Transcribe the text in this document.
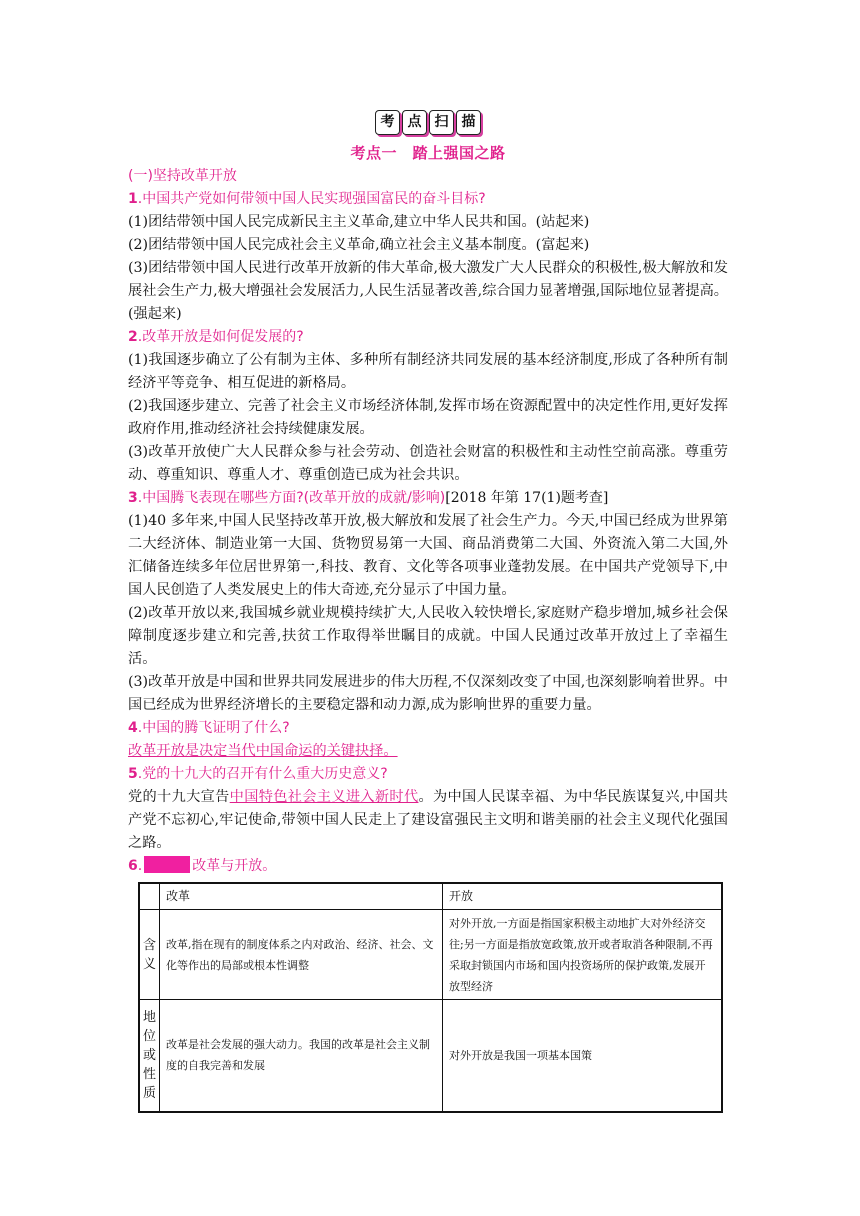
考 点 扫 描
考点一　踏上强国之路
(一)坚持改革开放
1.中国共产党如何带领中国人民实现强国富民的奋斗目标?

(1)团结带领中国人民完成新民主主义革命,建立中华人民共和国。(站起来)

(2)团结带领中国人民完成社会主义革命,确立社会主义基本制度。(富起来)

(3)团结带领中国人民进行改革开放新的伟大革命,极大激发广大人民群众的积极性,极大解放和发展社会生产力,极大增强社会发展活力,人民生活显著改善,综合国力显著增强,国际地位显著提高。(强起来)

2.改革开放是如何促发展的?

(1)我国逐步确立了公有制为主体、多种所有制经济共同发展的基本经济制度,形成了各种所有制经济平等竞争、相互促进的新格局。

(2)我国逐步建立、完善了社会主义市场经济体制,发挥市场在资源配置中的决定性作用,更好发挥政府作用,推动经济社会持续健康发展。

(3)改革开放使广大人民群众参与社会劳动、创造社会财富的积极性和主动性空前高涨。尊重劳动、尊重知识、尊重人才、尊重创造已成为社会共识。

3.中国腾飞表现在哪些方面?(改革开放的成就/影响)[2018 年第 17(1)题考查]

(1)40 多年来,中国人民坚持改革开放,极大解放和发展了社会生产力。今天,中国已经成为世界第二大经济体、制造业第一大国、货物贸易第一大国、商品消费第二大国、外资流入第二大国,外汇储备连续多年位居世界第一,科技、教育、文化等各项事业蓬勃发展。在中国共产党领导下,中国人民创造了人类发展史上的伟大奇迹,充分显示了中国力量。

(2)改革开放以来,我国城乡就业规模持续扩大,人民收入较快增长,家庭财产稳步增加,城乡社会保障制度逐步建立和完善,扶贫工作取得举世瞩目的成就。中国人民通过改革开放过上了幸福生活。

(3)改革开放是中国和世界共同发展进步的伟大历程,不仅深刻改变了中国,也深刻影响着世界。中国已经成为世界经济增长的主要稳定器和动力源,成为影响世界的重要力量。

4.中国的腾飞证明了什么?

改革开放是决定当代中国命运的关键抉择。

5.党的十九大的召开有什么重大历史意义?

党的十九大宣告中国特色社会主义进入新时代。为中国人民谋幸福、为中华民族谋复兴,中国共产党不忘初心,牢记使命,带领中国人民走上了建设富强民主文明和谐美丽的社会主义现代化强国之路。

6.	改革与开放。
	改革	开放
含义	改革,指在现有的制度体系之内对政治、经济、社会、文化等作出的局部或根本性调整	对外开放,一方面是指国家积极主动地扩大对外经济交往;另一方面是指放宽政策,放开或者取消各种限制,不再采取封锁国内市场和国内投资场所的保护政策,发展开放型经济
地位或性质	改革是社会发展的强大动力。我国的改革是社会主义制度的自我完善和发展	对外开放是我国一项基本国策
